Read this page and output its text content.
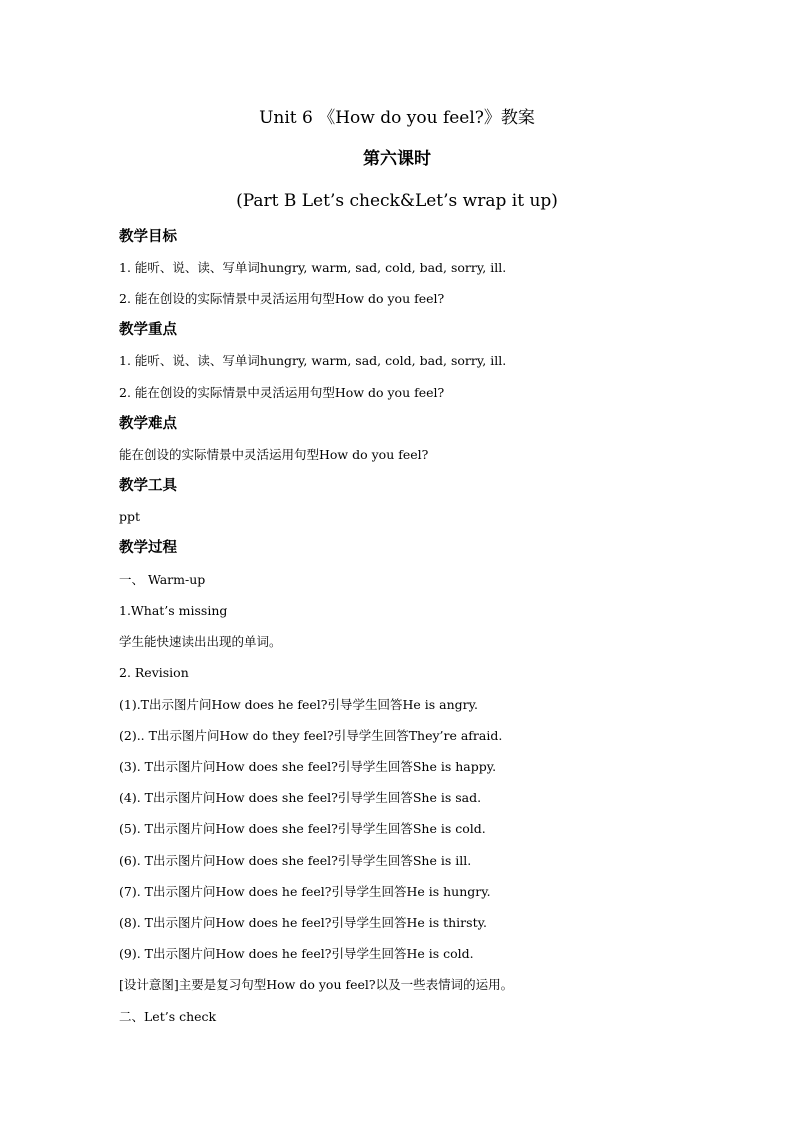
Unit 6 《How do you feel?》教案
第六课时
(Part B Let’s check&Let’s wrap it up)
教学目标
1. 能听、说、读、写单词hungry, warm, sad, cold, bad, sorry, ill.
2. 能在创设的实际情景中灵活运用句型How do you feel?
教学重点
1. 能听、说、读、写单词hungry, warm, sad, cold, bad, sorry, ill.
2. 能在创设的实际情景中灵活运用句型How do you feel?
教学难点
能在创设的实际情景中灵活运用句型How do you feel?
教学工具
ppt
教学过程
一、 Warm-up
1.What’s missing
学生能快速读出出现的单词。
2. Revision
(1).T出示图片问How does he feel?引导学生回答He is angry.
(2).. T出示图片问How do they feel?引导学生回答They’re afraid.
(3). T出示图片问How does she feel?引导学生回答She is happy.
(4). T出示图片问How does she feel?引导学生回答She is sad.
(5). T出示图片问How does she feel?引导学生回答She is cold.
(6). T出示图片问How does she feel?引导学生回答She is ill.
(7). T出示图片问How does he feel?引导学生回答He is hungry.
(8). T出示图片问How does he feel?引导学生回答He is thirsty.
(9). T出示图片问How does he feel?引导学生回答He is cold.
[设计意图]主要是复习句型How do you feel?以及一些表情词的运用。
二、Let’s check
